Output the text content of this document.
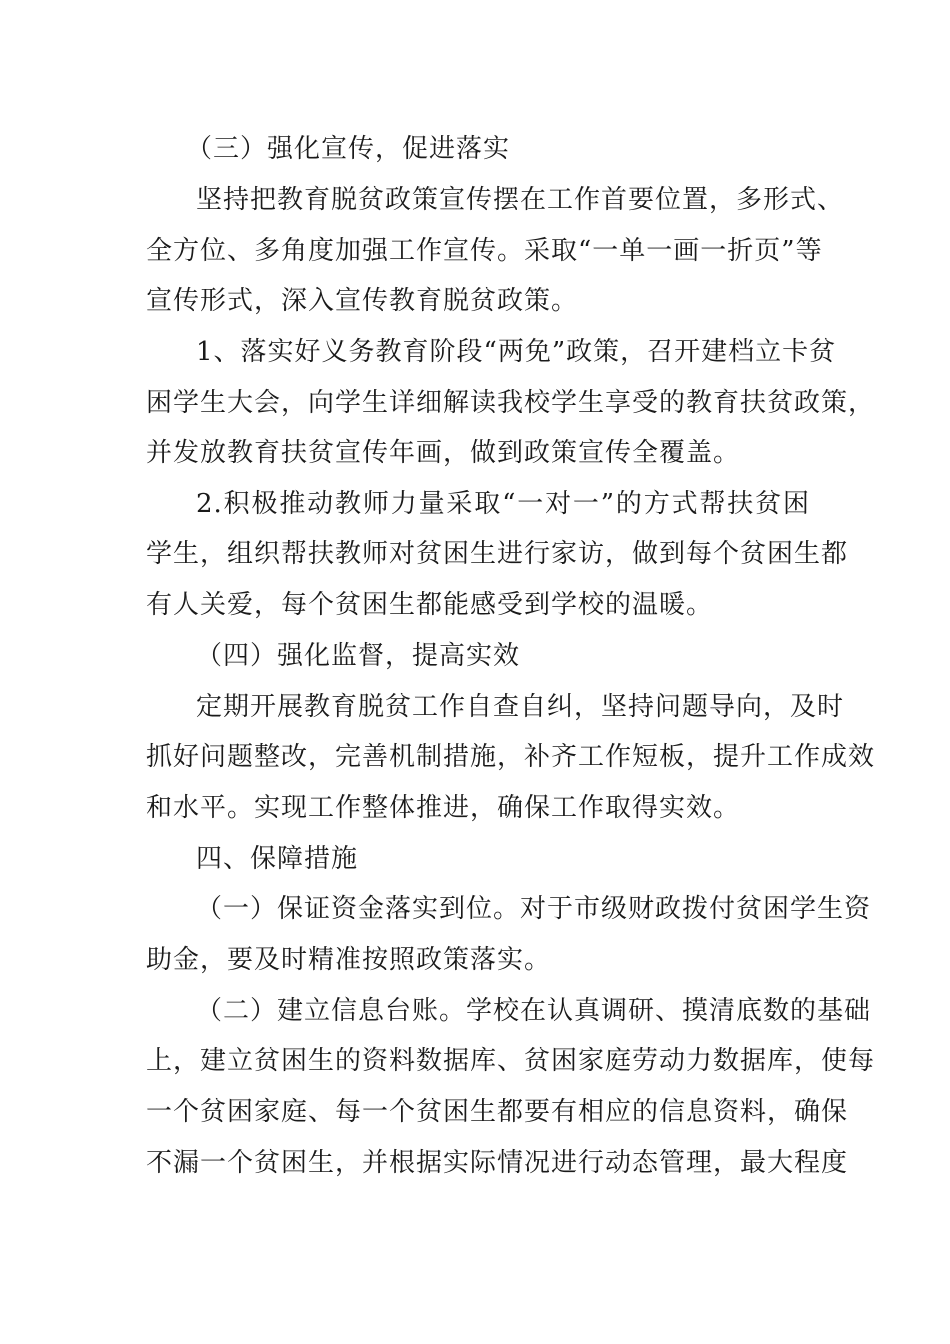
（三）强化宣传，促进落实
坚持把教育脱贫政策宣传摆在工作首要位置，多形式、
全方位、多角度加强工作宣传。采取“一单一画一折页”等
宣传形式，深入宣传教育脱贫政策。
1、落实好义务教育阶段“两免”政策，召开建档立卡贫
困学生大会，向学生详细解读我校学生享受的教育扶贫政策，
并发放教育扶贫宣传年画，做到政策宣传全覆盖。
2.积极推动教师力量采取“一对一”的方式帮扶贫困
学生，组织帮扶教师对贫困生进行家访，做到每个贫困生都
有人关爱，每个贫困生都能感受到学校的温暖。
（四）强化监督，提高实效
定期开展教育脱贫工作自查自纠，坚持问题导向，及时
抓好问题整改，完善机制措施，补齐工作短板，提升工作成效
和水平。实现工作整体推进，确保工作取得实效。
四、保障措施
（一）保证资金落实到位。对于市级财政拨付贫困学生资
助金，要及时精准按照政策落实。
（二）建立信息台账。学校在认真调研、摸清底数的基础
上，建立贫困生的资料数据库、贫困家庭劳动力数据库，使每
一个贫困家庭、每一个贫困生都要有相应的信息资料，确保
不漏一个贫困生，并根据实际情况进行动态管理，最大程度
